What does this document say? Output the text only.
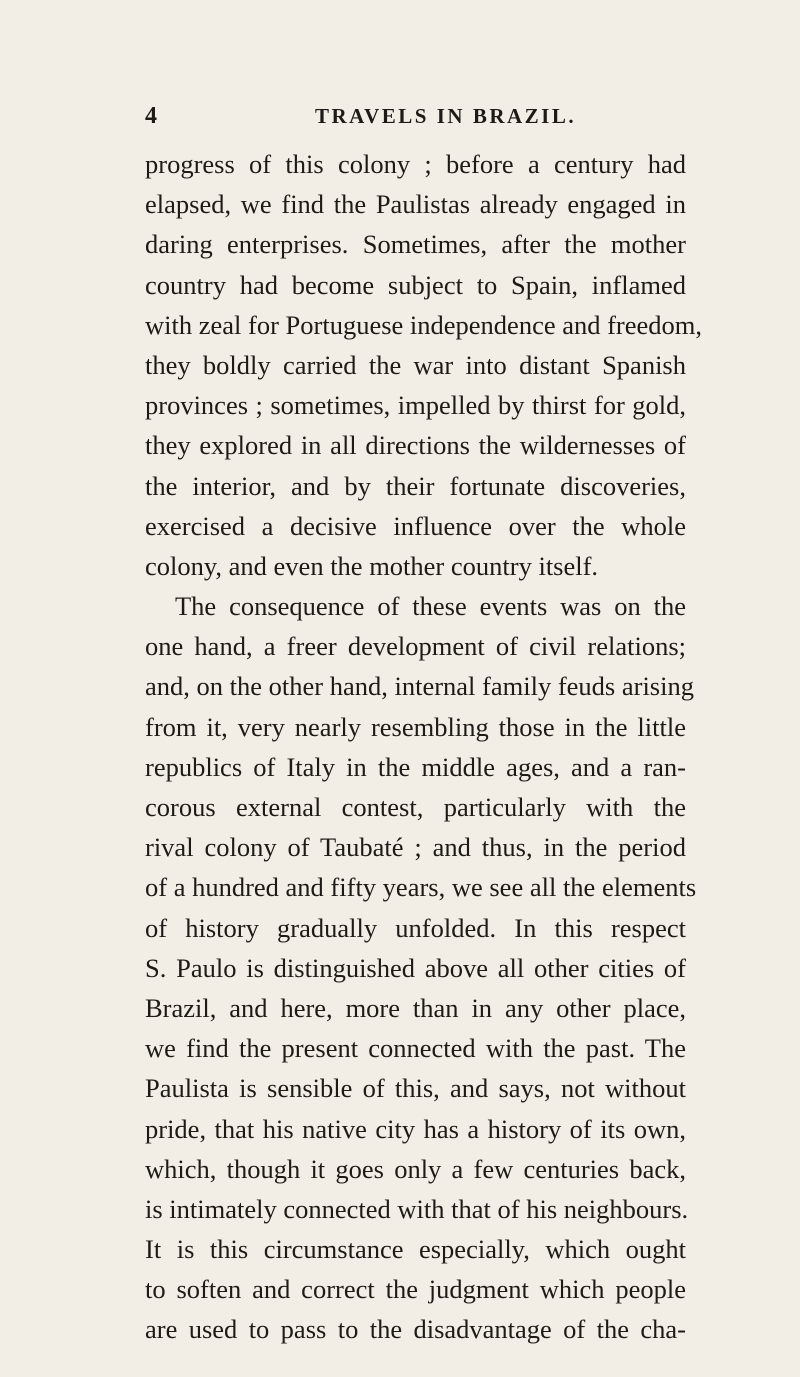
4	TRAVELS IN BRAZIL.
progress of this colony ; before a century had
elapsed, we find the Paulistas already engaged in
daring enterprises. Sometimes, after the mother
country had become subject to Spain, inflamed
with zeal for Portuguese independence and freedom,
they boldly carried the war into distant Spanish
provinces ; sometimes, impelled by thirst for gold,
they explored in all directions the wildernesses of
the interior, and by their fortunate discoveries,
exercised a decisive influence over the whole
colony, and even the mother country itself.
The consequence of these events was on the
one hand, a freer development of civil relations;
and, on the other hand, internal family feuds arising
from it, very nearly resembling those in the little
republics of Italy in the middle ages, and a ran-
corous external contest, particularly with the
rival colony of Taubaté ; and thus, in the period
of a hundred and fifty years, we see all the elements
of history gradually unfolded. In this respect
S. Paulo is distinguished above all other cities of
Brazil, and here, more than in any other place,
we find the present connected with the past. The
Paulista is sensible of this, and says, not without
pride, that his native city has a history of its own,
which, though it goes only a few centuries back,
is intimately connected with that of his neighbours.
It is this circumstance especially, which ought
to soften and correct the judgment which people
are used to pass to the disadvantage of the cha-
